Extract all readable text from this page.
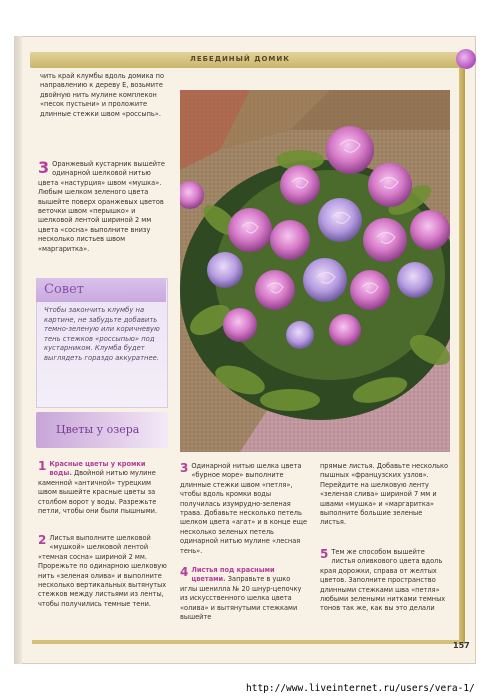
ЛЕБЕДИНЫЙ ДОМИК

чить край клумбы вдоль домика по направлению к дереву Е, возьмите двойную нить мулине комплекон «песок пустыни» и проложите длинные стежки швом «россыпь».

3 Оранжевый кустарник вышейте одинарной шелковой нитью цвета «настурция» швом «мушка». Любым шелком зеленого цвета вышейте поверх оранжевых цветов веточки швом «перышко» и шелковой лентой шириной 2 мм цвета «сосна» выполните внизу несколько листьев швом «маргаритка».

Совет
Чтобы закончить клумбу на картине, не забудьте добавить темно-зеленую или коричневую тень стежков «россыпью» под кустарником. Клумба будет выглядеть гораздо аккуратнее.
Цветы у озера
1 Красные цветы у кромки воды. Двойной нитью мулине каменной «античной» турецким швом вышейте красные цветы за столбом ворот у воды. Разрежьте петли, чтобы они были пышными.
2 Листья выполните шелковой «мушкой» шелковой лентой «темная сосна» шириной 2 мм. Прорежьте по одинарною шелковую нить «зеленая олива» и выполните несколько вертикальных вытянутых стежков между листьями из ленты, чтобы получились темные тени.
3 Одинарной нитью шелка цвета «бурное море» выполните длинные стежки швом «петля», чтобы вдоль кромки воды получилась изумрудно-зеленая трава. Добавьте несколько петель шелком цвета «агат» и в конце еще несколько зеленых петель одинарной нитью мулине «лесная тень».
4 Листья под красными цветами. Заправьте в ушко иглы шенилла № 20 шнур-цепочку из искусственного шелка цвета «олива» и вытянутыми стежками вышейте

прямые листья. Добавьте несколько пышных «французских узлов». Перейдите на шелковую ленту «зеленая слива» шириной 7 мм и швами «мушка» и «маргаритка» выполните большие зеленые листья.

5 Тем же способом вышейте листья оливкового цвета вдоль края дорожки, справа от желтых цветов. Заполните пространство длинными стежками шва «петля» любыми зелеными нитками темных тонов так же, как вы это делали
157
http://www.liveinternet.ru/users/vera-1/
